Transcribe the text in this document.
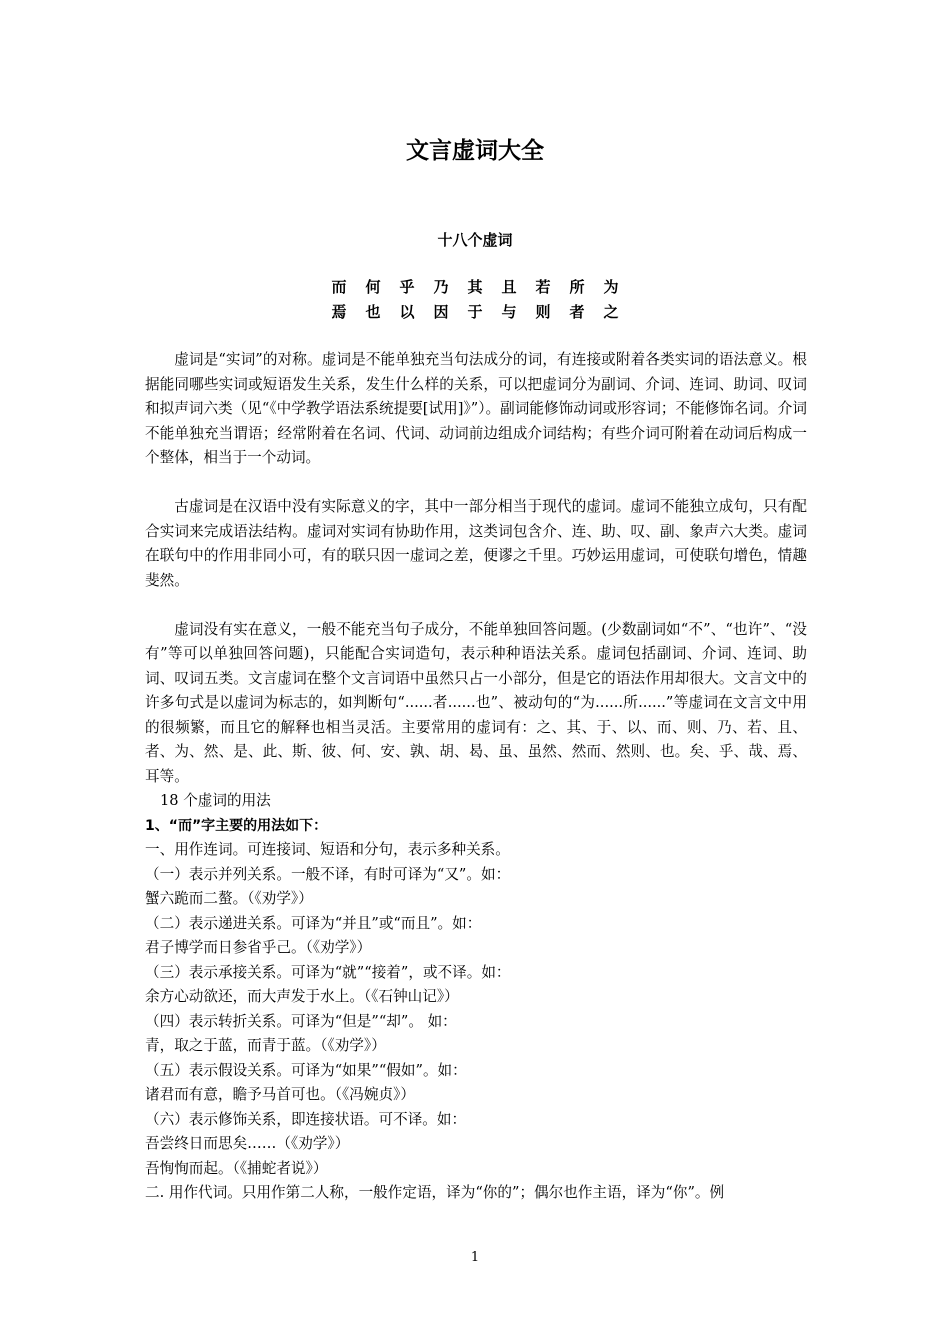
文言虚词大全
十八个虚词
而何乎乃其且若所为
焉也以因于与则者之

虚词是“实词”的对称。虚词是不能单独充当句法成分的词，有连接或附着各类实词的语法意义。根据能同哪些实词或短语发生关系，发生什么样的关系，可以把虚词分为副词、介词、连词、助词、叹词和拟声词六类（见“《中学教学语法系统提要[试用]》”）。副词能修饰动词或形容词；不能修饰名词。介词不能单独充当谓语；经常附着在名词、代词、动词前边组成介词结构；有些介词可附着在动词后构成一个整体，相当于一个动词。

古虚词是在汉语中没有实际意义的字，其中一部分相当于现代的虚词。虚词不能独立成句，只有配合实词来完成语法结构。虚词对实词有协助作用，这类词包含介、连、助、叹、副、象声六大类。虚词在联句中的作用非同小可，有的联只因一虚词之差，便谬之千里。巧妙运用虚词，可使联句增色，情趣斐然。

虚词没有实在意义，一般不能充当句子成分，不能单独回答问题。(少数副词如“不”、“也许”、“没有”等可以单独回答问题)，只能配合实词造句，表示种种语法关系。虚词包括副词、介词、连词、助词、叹词五类。文言虚词在整个文言词语中虽然只占一小部分，但是它的语法作用却很大。文言文中的许多句式是以虚词为标志的，如判断句“......者......也”、被动句的“为......所......”等虚词在文言文中用的很频繁，而且它的解释也相当灵活。主要常用的虚词有：之、其、于、以、而、则、乃、若、且、者、为、然、是、此、斯、彼、何、安、孰、胡、曷、虽、虽然、然而、然则、也。矣、乎、哉、焉、耳等。

18 个虚词的用法

1、“而”字主要的用法如下：

一、用作连词。可连接词、短语和分句，表示多种关系。

（一）表示并列关系。一般不译，有时可译为“又”。如：

蟹六跪而二螯。（《劝学》）

（二）表示递进关系。可译为“并且”或“而且”。如：

君子博学而日参省乎己。（《劝学》）

（三）表示承接关系。可译为“就”“接着”，或不译。如：

余方心动欲还，而大声发于水上。（《石钟山记》）

（四）表示转折关系。可译为“但是”“却”。 如：

青，取之于蓝，而青于蓝。（《劝学》）

（五）表示假设关系。可译为“如果”“假如”。如：

诸君而有意，瞻予马首可也。（《冯婉贞》）

（六）表示修饰关系，即连接状语。可不译。如：

吾尝终日而思矣……（《劝学》）

吾恂恂而起。（《捕蛇者说》）

二. 用作代词。只用作第二人称，一般作定语，译为“你的”；偶尔也作主语，译为“你”。例

1
